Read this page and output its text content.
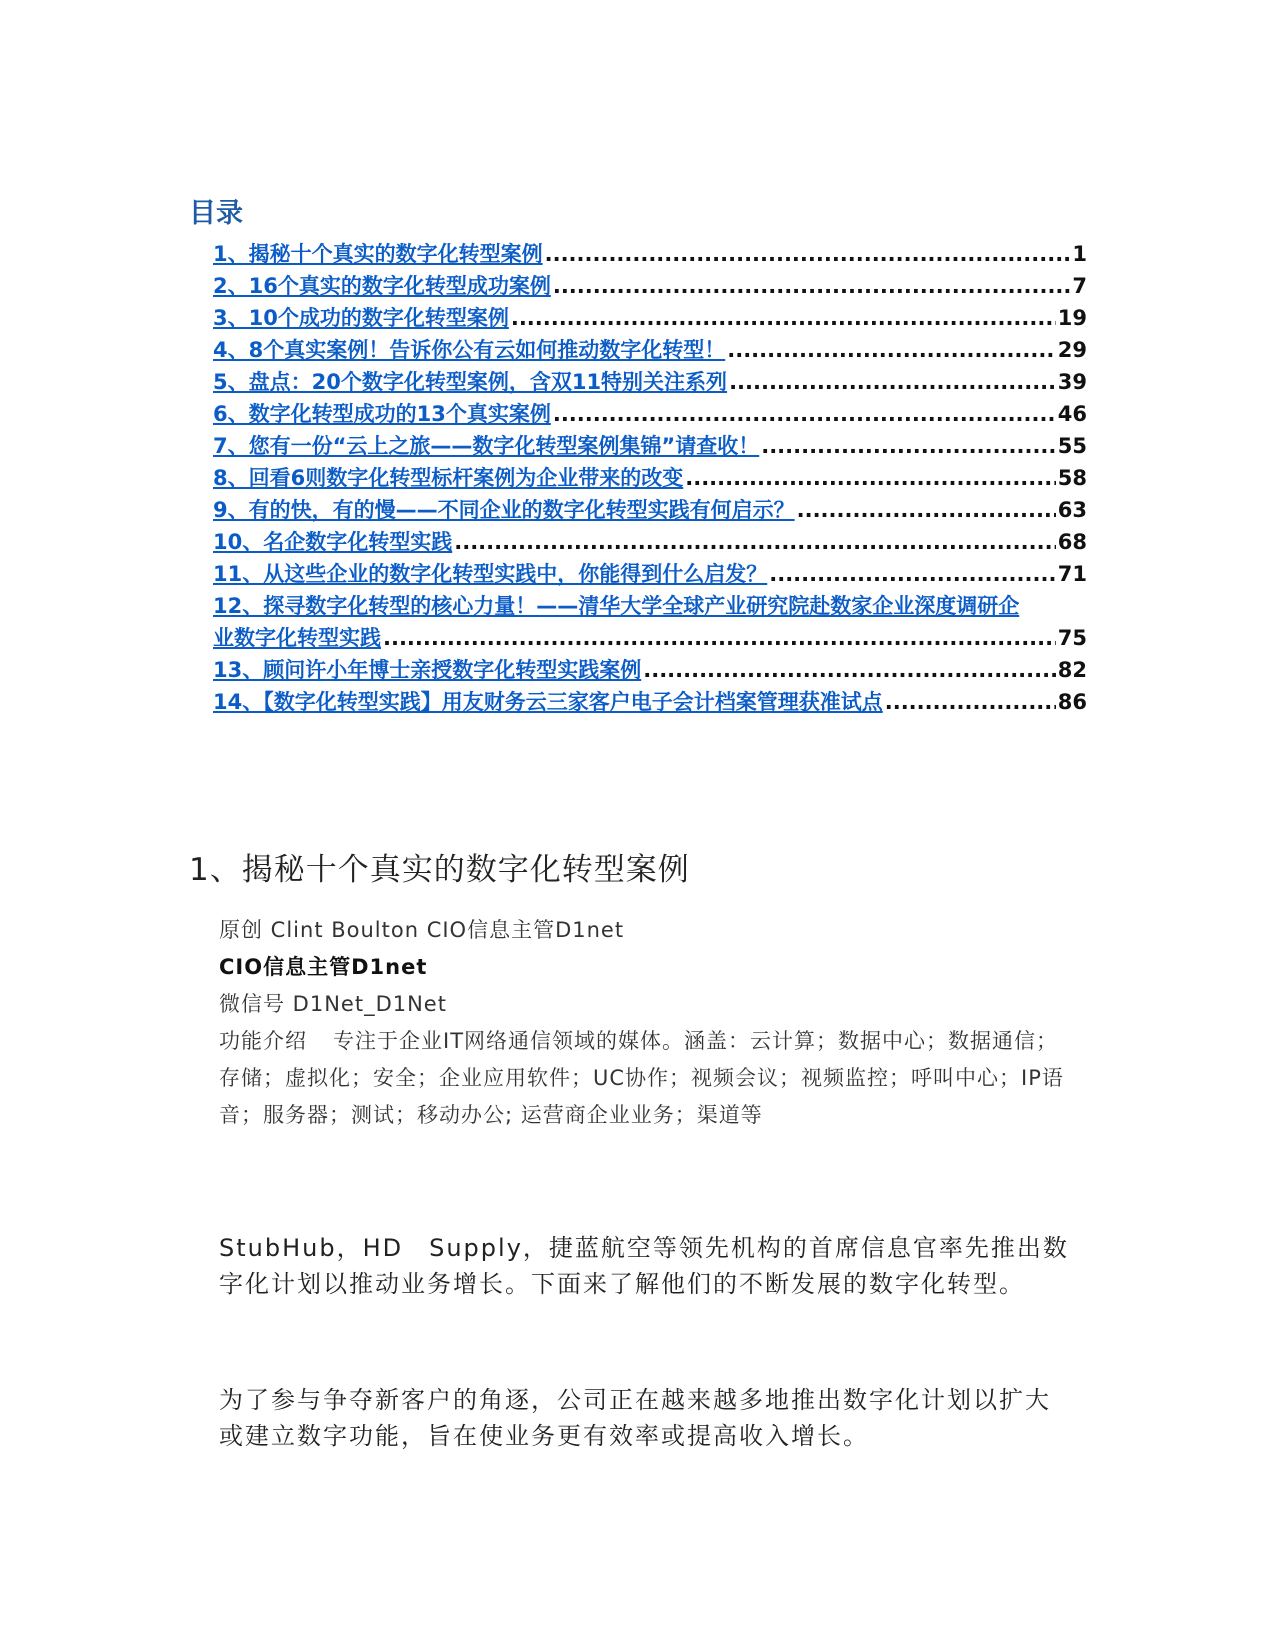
目录
1、揭秘十个真实的数字化转型案例 .....	1
2、16个真实的数字化转型成功案例 .....	7
3、10个成功的数字化转型案例 .....	19
4、8个真实案例！告诉你公有云如何推动数字化转型！ .....	29
5、盘点：20个数字化转型案例，含双11特别关注系列 .....	39
6、数字化转型成功的13个真实案例 .....	46
7、您有一份“云上之旅——数字化转型案例集锦”请查收！ .....	55
8、回看6则数字化转型标杆案例为企业带来的改变 .....	58
9、有的快，有的慢——不同企业的数字化转型实践有何启示？ .....	63
10、名企数字化转型实践 .....	68
11、从这些企业的数字化转型实践中，你能得到什么启发？ .....	71
12、探寻数字化转型的核心力量！——清华大学全球产业研究院赴数家企业深度调研企
业数字化转型实践 .....	75
13、顾问许小年博士亲授数字化转型实践案例 .....	82
14、【数字化转型实践】用友财务云三家客户电子会计档案管理获准试点 .....	86
1、揭秘十个真实的数字化转型案例
原创 Clint Boulton CIO信息主管D1net
CIO信息主管D1net
微信号 D1Net_D1Net
功能介绍 专注于企业IT网络通信领域的媒体。涵盖：云计算；数据中心；数据通信；存储；虚拟化；安全；企业应用软件；UC协作；视频会议；视频监控；呼叫中心；IP语音；服务器；测试；移动办公; 运营商企业业务；渠道等

StubHub，HD　Supply，捷蓝航空等领先机构的首席信息官率先推出数字化计划以推动业务增长。下面来了解他们的不断发展的数字化转型。

为了参与争夺新客户的角逐，公司正在越来越多地推出数字化计划以扩大或建立数字功能，旨在使业务更有效率或提高收入增长。
